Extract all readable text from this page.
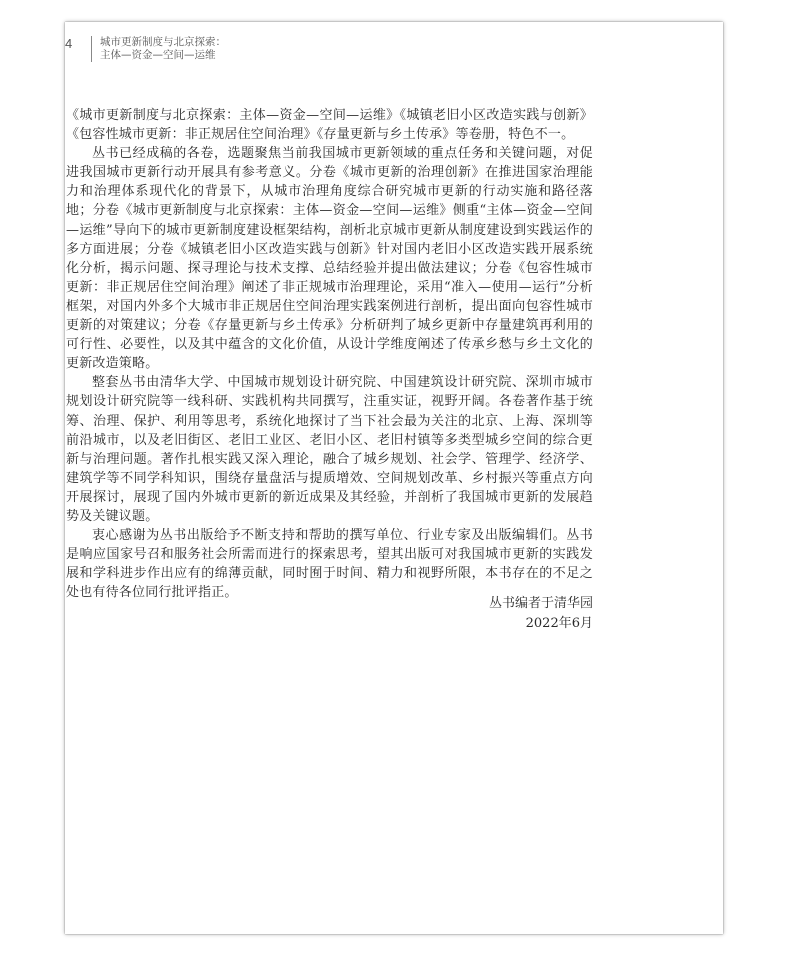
4	城市更新制度与北京探索：
主体—资金—空间—运维

《城市更新制度与北京探索：主体—资金—空间—运维》《城镇老旧小区改造实践与创新》《包容性城市更新：非正规居住空间治理》《存量更新与乡土传承》等卷册，特色不一。

丛书已经成稿的各卷，选题聚焦当前我国城市更新领域的重点任务和关键问题，对促进我国城市更新行动开展具有参考意义。分卷《城市更新的治理创新》在推进国家治理能力和治理体系现代化的背景下，从城市治理角度综合研究城市更新的行动实施和路径落地；分卷《城市更新制度与北京探索：主体—资金—空间—运维》侧重“主体—资金—空间—运维”导向下的城市更新制度建设框架结构，剖析北京城市更新从制度建设到实践运作的多方面进展；分卷《城镇老旧小区改造实践与创新》针对国内老旧小区改造实践开展系统化分析，揭示问题、探寻理论与技术支撑、总结经验并提出做法建议；分卷《包容性城市更新：非正规居住空间治理》阐述了非正规城市治理理论，采用“准入—使用—运行”分析框架，对国内外多个大城市非正规居住空间治理实践案例进行剖析，提出面向包容性城市更新的对策建议；分卷《存量更新与乡土传承》分析研判了城乡更新中存量建筑再利用的可行性、必要性，以及其中蕴含的文化价值，从设计学维度阐述了传承乡愁与乡土文化的更新改造策略。

整套丛书由清华大学、中国城市规划设计研究院、中国建筑设计研究院、深圳市城市规划设计研究院等一线科研、实践机构共同撰写，注重实证，视野开阔。各卷著作基于统筹、治理、保护、利用等思考，系统化地探讨了当下社会最为关注的北京、上海、深圳等前沿城市，以及老旧街区、老旧工业区、老旧小区、老旧村镇等多类型城乡空间的综合更新与治理问题。著作扎根实践又深入理论，融合了城乡规划、社会学、管理学、经济学、建筑学等不同学科知识，围绕存量盘活与提质增效、空间规划改革、乡村振兴等重点方向开展探讨，展现了国内外城市更新的新近成果及其经验，并剖析了我国城市更新的发展趋势及关键议题。

衷心感谢为丛书出版给予不断支持和帮助的撰写单位、行业专家及出版编辑们。丛书是响应国家号召和服务社会所需而进行的探索思考，望其出版可对我国城市更新的实践发展和学科进步作出应有的绵薄贡献，同时囿于时间、精力和视野所限，本书存在的不足之处也有待各位同行批评指正。

丛书编者于清华园
2022年6月
